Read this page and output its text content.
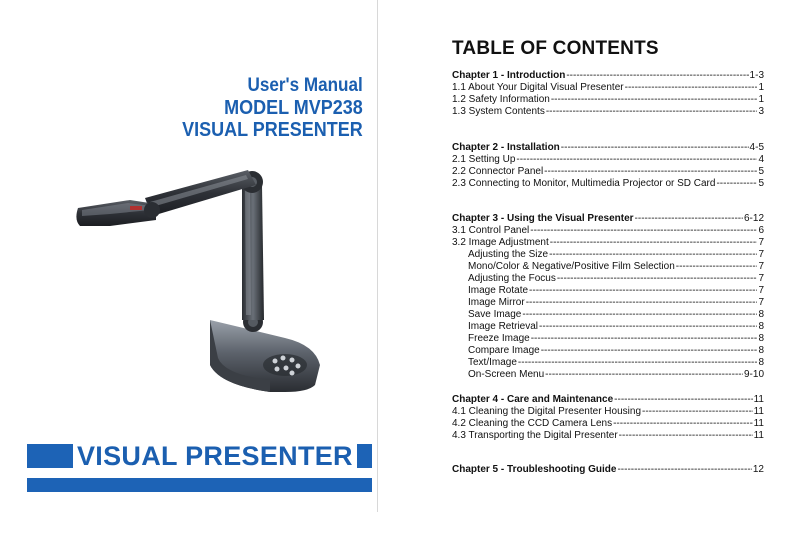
User's Manual
MODEL MVP238
VISUAL PRESENTER
VISUAL PRESENTER
TABLE OF CONTENTS
Chapter 1 - Introduction -----	1-3
1.1 About Your Digital Visual Presenter -----	1
1.2 Safety Information -----	1
1.3 System Contents -----	3
Chapter 2 - Installation -----	4-5
2.1 Setting Up -----	4
2.2 Connector Panel -----	5
2.3 Connecting to Monitor, Multimedia Projector or SD Card -----	5
Chapter 3 - Using the Visual Presenter -----	6-12
3.1 Control Panel -----	6
3.2 Image Adjustment -----	7
Adjusting the Size -----	7
Mono/Color & Negative/Positive Film Selection -----	7
Adjusting the Focus -----	7
Image Rotate -----	7
Image Mirror -----	7
Save Image -----	8
Image Retrieval -----	8
Freeze Image -----	8
Compare Image -----	8
Text/Image -----	8
On-Screen Menu -----	9-10
Chapter 4 - Care and Maintenance -----	11
4.1 Cleaning the Digital Presenter Housing -----	11
4.2 Cleaning the CCD Camera Lens -----	11
4.3 Transporting the Digital Presenter -----	11
Chapter 5 - Troubleshooting Guide -----	12
